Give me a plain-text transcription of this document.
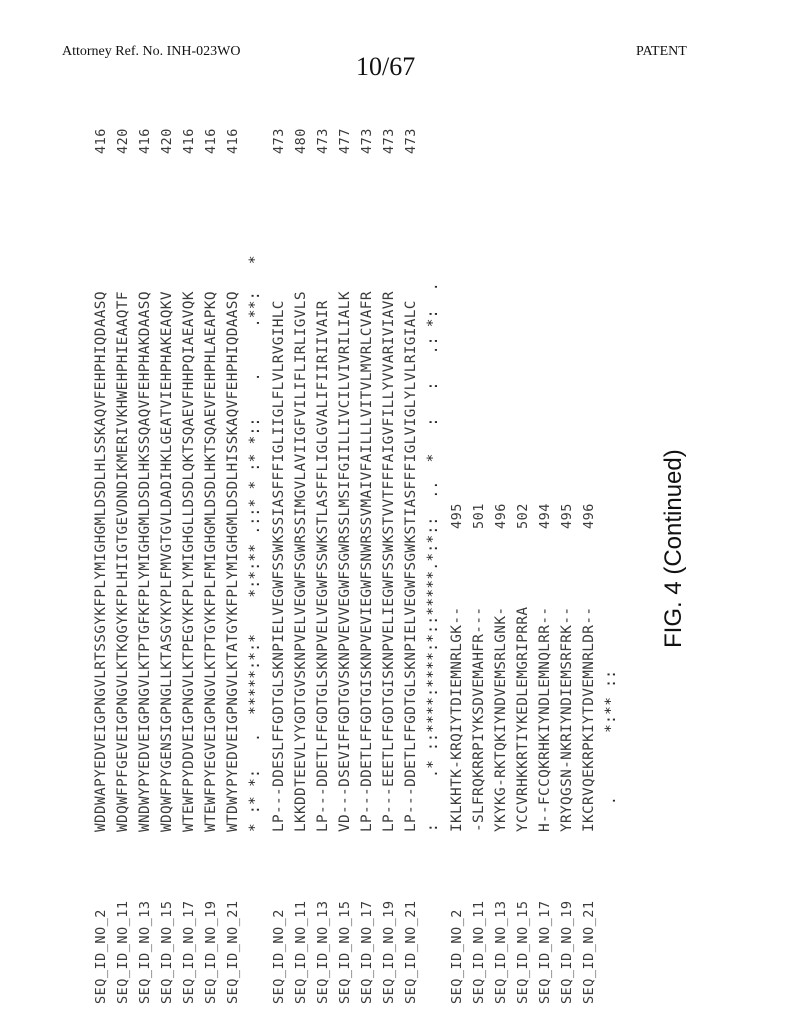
Attorney Ref. No. INH-023WO
10/67
PATENT
SEQ_ID_NO_2
WDDWAPYEDVEIGPNGVLRTSSGYKFPLYMIGHGMLDSDLHLSSKAQVFEHPHIQDAASQ
416
SEQ_ID_NO_11
WDQWFPFGEVEIGPNGVLKTKQGYKFPLHIIGTGEVDNDIKMERIVKHWEHPHIEAAQTF
420
SEQ_ID_NO_13
WNDWYPYEDVEIGPNGVLKTPTGFKFPLYMIGHGMLDSDLHKSSQAQVFEHPHAKDAASQ
416
SEQ_ID_NO_15
WDQWFPYGENSIGPNGLLKTASGYKYPLFMVGTGVLDADIHKLGEATVIEHPHAKEAQKV
420
SEQ_ID_NO_17
WTEWFPYDDVEIGPNGVLKTPEGYKFPLYMIGHGLLDSDLQKTSQAEVFHHPQIAEAVQK
416
SEQ_ID_NO_19
WTEWFPYEGVEIGPNGVLKTPTGYKFPLFMIGHGMLDSDLHKTSQAEVFEHPHLAEAPKQ
416
SEQ_ID_NO_21
WTDWYPYEDVEIGPNGVLKTATGYKFPLYMIGHGMLDSDLHISSKAQVFEHPHIQDAASQ
416
* :* *:   .  *****:*:*    *:*:** .::* * :* *::    .     .**:   *
SEQ_ID_NO_2
LP---DDESLFFGDTGLSKNPIELVEGWFSSWKSSIASFFFIGLIIGLFLVLRVGIHLC
473
SEQ_ID_NO_11
LKKDDTEEVLYYGDTGVSKNPVELVEGWFSGWRSSIMGVLAVIIGFVILIFLIRLIGVLS
480
SEQ_ID_NO_13
LP---DDETLFFGDTGLSKNPVELVEGWFSSWKSTLASFFLIGLGVALIFIIRIIVAIR
473
SEQ_ID_NO_15
VD---DSEVIFFGDTGVSKNPVEVVEGWFSGWRSSLMSIFGIILLIVCILVIVRILIALK
477
SEQ_ID_NO_17
LP---DDETLFFGDTGISKNPVEVIEGWFSNWRSSVMAIVFAILLLVITVLMVRLCVAFR
473
SEQ_ID_NO_19
LP---EEETLFFGDTGISKNPVELIEGWFSSWKSTVVTFFFAIGVFILLYVVARIVIAVR
473
SEQ_ID_NO_21
LP---DDETLFFGDTGLSKNPIELVEGWFSGWKSTIASFFFIGLVIGLYLVLRIGIALC
473
:     .* ::****:****:*::*****.*:*::  ..  *   :   :   .: *:  .
SEQ_ID_NO_2
IKLKHTK-KRQIYTDIEMNRLGK--
495
SEQ_ID_NO_11
-SLFRQKRRPIYKSDVEMAHFR---
501
SEQ_ID_NO_13
YKYKG-RKTQKIYNDVEMSRLGNK-
496
SEQ_ID_NO_15
YCCVRHKKRTIYKEDLEMGRIPRRA
502
SEQ_ID_NO_17
H--FCCQKRHKIYNDLEMNQLRR--
494
SEQ_ID_NO_19
YRYQGSN-NKRIYNDIEMSRFRK--
495
SEQ_ID_NO_21
IKCRVQEKRPKIYTDVEMNRLDR--
496
.       *:** ::
FIG. 4 (Continued)
